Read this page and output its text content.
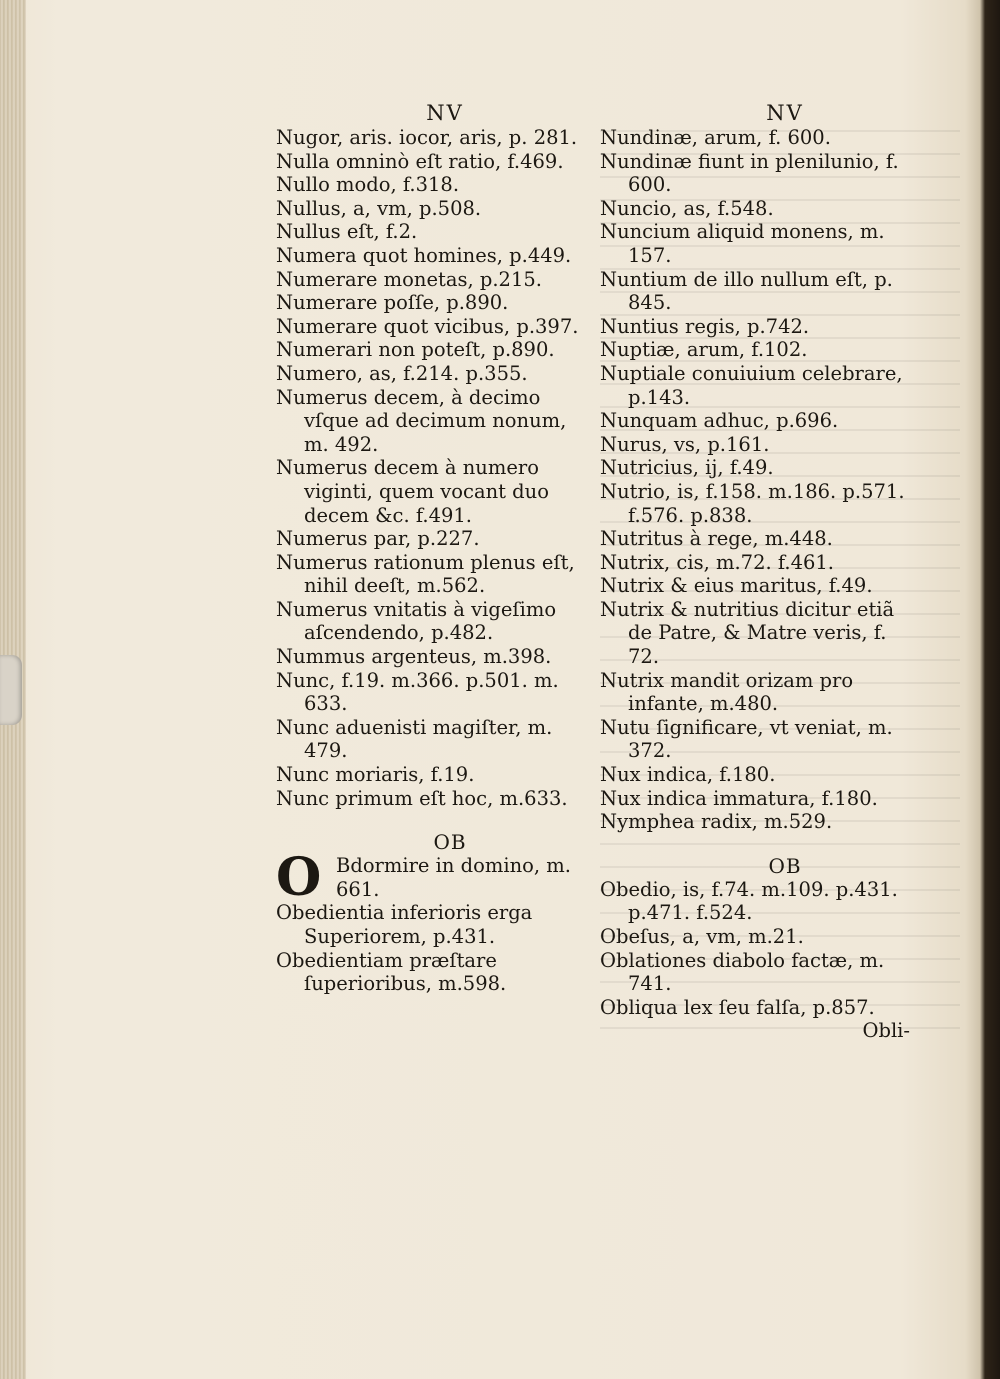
NV
Nugor, aris. iocor, aris, p. 281.
Nulla omninò eſt ratio, f.469.
Nullo modo, f.318.
Nullus, a, vm, p.508.
Nullus eſt, f.2.
Numera quot homines, p.449.
Numerare monetas, p.215.
Numerare poſſe, p.890.
Numerare quot vicibus, p.397.
Numerari non poteſt, p.890.
Numero, as, f.214. p.355.
Numerus decem, à decimo vſque ad decimum nonum, m. 492.
Numerus decem à numero viginti, quem vocant duo decem &c. f.491.
Numerus par, p.227.
Numerus rationum plenus eſt, nihil deeſt, m.562.
Numerus vnitatis à vigeſimo aſcendendo, p.482.
Nummus argenteus, m.398.
Nunc, f.19. m.366. p.501. m. 633.
Nunc aduenisti magiſter, m. 479.
Nunc moriaris, f.19.
Nunc primum eſt hoc, m.633.
OB
O Bdormire in domino, m.
661.
Obedientia inferioris erga Superiorem, p.431.
Obedientiam præſtare ſuperioribus, m.598.
NV
Nundinæ, arum, f. 600.
Nundinæ fiunt in plenilunio, f. 600.
Nuncio, as, f.548.
Nuncium aliquid monens, m. 157.
Nuntium de illo nullum eſt, p. 845.
Nuntius regis, p.742.
Nuptiæ, arum, f.102.
Nuptiale conuiuium celebrare, p.143.
Nunquam adhuc, p.696.
Nurus, vs, p.161.
Nutricius, ij, f.49.
Nutrio, is, f.158. m.186. p.571. f.576. p.838.
Nutritus à rege, m.448.
Nutrix, cis, m.72. f.461.
Nutrix & eius maritus, f.49.
Nutrix & nutritius dicitur etiã de Patre, & Matre veris, f. 72.
Nutrix mandit orizam pro infante, m.480.
Nutu ſignificare, vt veniat, m. 372.
Nux indica, f.180.
Nux indica immatura, f.180.
Nymphea radix, m.529.
OB
Obedio, is, f.74. m.109. p.431. p.471. f.524.
Obeſus, a, vm, m.21.
Oblationes diabolo factæ, m. 741.
Obliqua lex ſeu falſa, p.857.
Obli-
